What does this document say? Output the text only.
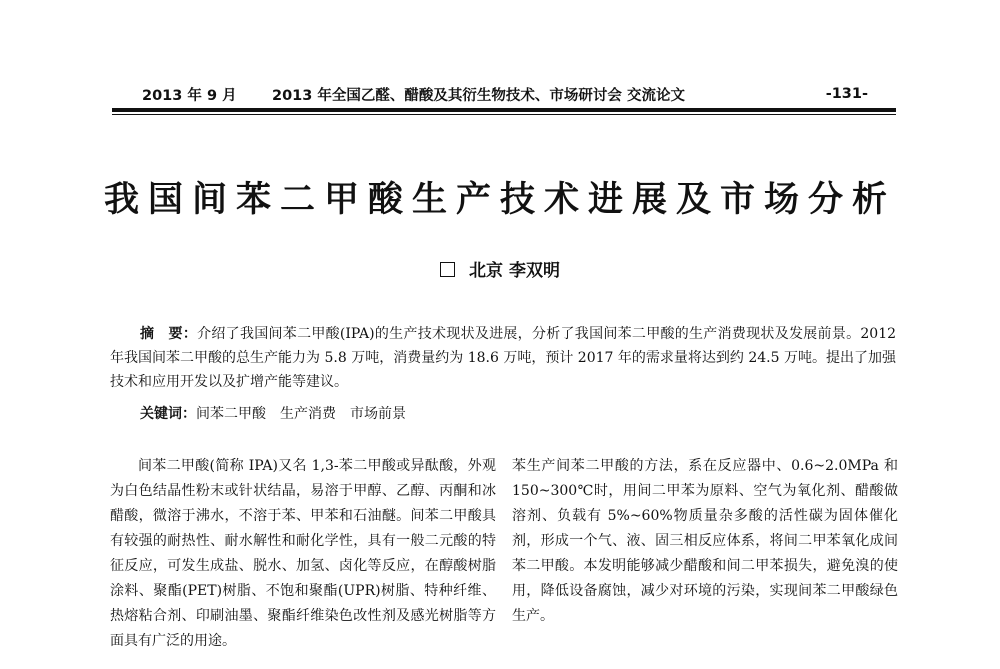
2013 年 9 月 2013 年全国乙醛、醋酸及其衍生物技术、市场研讨会 交流论文	-131-
我国间苯二甲酸生产技术进展及市场分析
北京 李双明
摘　要：介绍了我国间苯二甲酸(IPA)的生产技术现状及进展，分析了我国间苯二甲酸的生产消费现状及发展前景。2012 年我国间苯二甲酸的总生产能力为 5.8 万吨，消费量约为 18.6 万吨，预计 2017 年的需求量将达到约 24.5 万吨。提出了加强技术和应用开发以及扩增产能等建议。
关键词：间苯二甲酸　生产消费　市场前景
间苯二甲酸(简称 IPA)又名 1,3-苯二甲酸或异酞酸，外观为白色结晶性粉末或针状结晶，易溶于甲醇、乙醇、丙酮和冰醋酸，微溶于沸水，不溶于苯、甲苯和石油醚。间苯二甲酸具有较强的耐热性、耐水解性和耐化学性，具有一般二元酸的特征反应，可发生成盐、脱水、加氢、卤化等反应，在醇酸树脂涂料、聚酯(PET)树脂、不饱和聚酯(UPR)树脂、特种纤维、热熔粘合剂、印刷油墨、聚酯纤维染色改性剂及感光树脂等方面具有广泛的用途。
苯生产间苯二甲酸的方法，系在反应器中、0.6~2.0MPa 和 150~300℃时，用间二甲苯为原料、空气为氧化剂、醋酸做溶剂、负载有 5%~60%物质量杂多酸的活性碳为固体催化剂，形成一个气、液、固三相反应体系，将间二甲苯氧化成间苯二甲酸。本发明能够减少醋酸和间二甲苯损失，避免溴的使用，降低设备腐蚀，减少对环境的污染，实现间苯二甲酸绿色生产。
